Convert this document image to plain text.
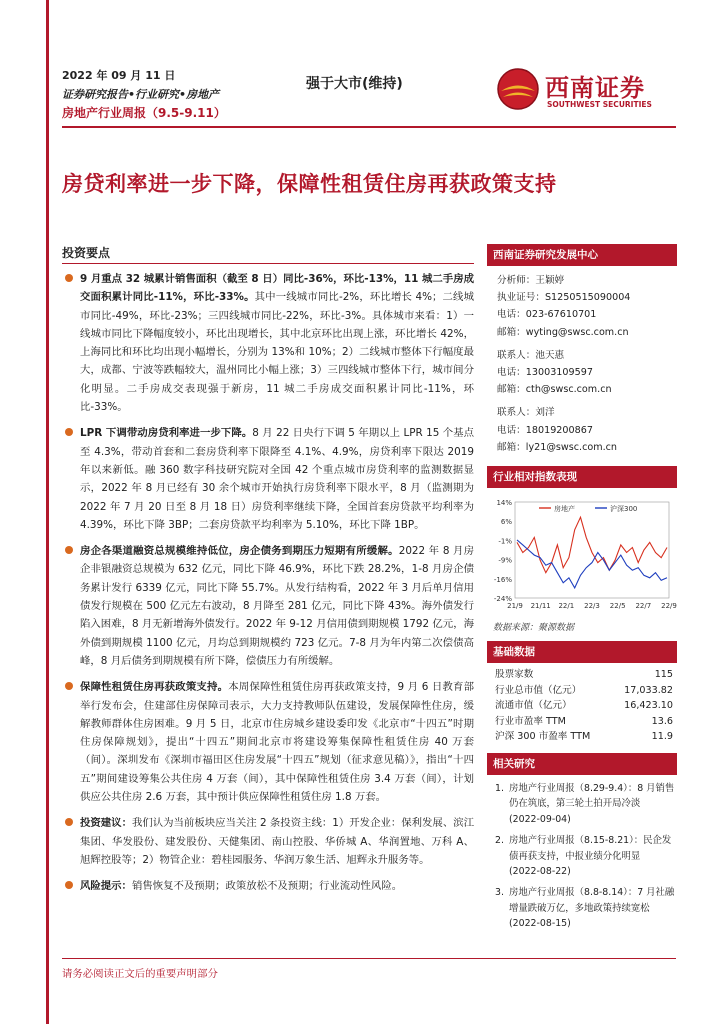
2022 年 09 月 11 日
证券研究报告•行业研究•房地产
房地产行业周报（9.5-9.11）
强于大市(维持)	西南证券
SOUTHWEST SECURITIES
房贷利率进一步下降，保障性租赁住房再获政策支持
投资要点
9 月重点 32 城累计销售面积（截至 8 日）同比-36%，环比-13%，11 城二手房成交面积累计同比-11%，环比-33%。其中一线城市同比-2%，环比增长 4%；二线城市同比-49%，环比-23%；三四线城市同比-22%，环比-3%。具体城市来看：1）一线城市同比下降幅度较小，环比出现增长，其中北京环比出现上涨，环比增长 42%，上海同比和环比均出现小幅增长，分别为 13%和 10%；2）二线城市整体下行幅度最大，成都、宁波等跌幅较大，温州同比小幅上涨；3）三四线城市整体下行，城市间分化明显。二手房成交表现强于新房，11 城二手房成交面积累计同比-11%，环比-33%。
LPR 下调带动房贷利率进一步下降。8 月 22 日央行下调 5 年期以上 LPR 15 个基点至 4.3%，带动首套和二套房贷利率下限降至 4.1%、4.9%，房贷利率下限达 2019 年以来新低。融 360 数字科技研究院对全国 42 个重点城市房贷利率的监测数据显示，2022 年 8 月已经有 30 余个城市开始执行房贷利率下限水平，8 月（监测期为 2022 年 7 月 20 日至 8 月 18 日）房贷利率继续下降，全国首套房贷款平均利率为 4.39%，环比下降 3BP；二套房贷款平均利率为 5.10%，环比下降 1BP。
房企各渠道融资总规模维持低位，房企债务到期压力短期有所缓解。2022 年 8 月房企非银融资总规模为 632 亿元，同比下降 46.9%，环比下跌 28.2%，1-8 月房企债务累计发行 6339 亿元，同比下降 55.7%。从发行结构看，2022 年 3 月后单月信用债发行规模在 500 亿元左右波动，8 月降至 281 亿元，同比下降 43%。海外债发行陷入困难，8 月无新增海外债发行。2022 年 9-12 月信用债到期规模 1792 亿元，海外债到期规模 1100 亿元，月均总到期规模约 723 亿元。7-8 月为年内第二次偿债高峰，8 月后债务到期规模有所下降，偿债压力有所缓解。
保障性租赁住房再获政策支持。本周保障性租赁住房再获政策支持，9 月 6 日教育部举行发布会，住建部住房保障司表示，大力支持教师队伍建设，发展保障性住房，缓解教师群体住房困难。9 月 5 日，北京市住房城乡建设委印发《北京市“十四五”时期住房保障规划》，提出“十四五”期间北京市将建设筹集保障性租赁住房 40 万套（间）。深圳发布《深圳市福田区住房发展“十四五”规划（征求意见稿）》，指出“十四五”期间建设筹集公共住房 4 万套（间），其中保障性租赁住房 3.4 万套（间），计划供应公共住房 2.6 万套，其中预计供应保障性租赁住房 1.8 万套。
投资建议：我们认为当前板块应当关注 2 条投资主线：1）开发企业：保利发展、滨江集团、华发股份、建发股份、天健集团、南山控股、华侨城 A、华润置地、万科 A、旭辉控股等；2）物管企业：碧桂园服务、华润万象生活、旭辉永升服务等。
风险提示：销售恢复不及预期；政策放松不及预期；行业流动性风险。
西南证券研究发展中心
分析师：王颖婷
执业证号：S1250515090004
电话：023-67610701
邮箱：wyting@swsc.com.cn
联系人：池天惠
电话：13003109597
邮箱：cth@swsc.com.cn
联系人：刘洋
电话：18019200867
邮箱：ly21@swsc.com.cn
行业相对指数表现
14%
6%
-1%
-9%
-16%
-24%
21/9 21/11 22/1 22/3 22/5 22/7 22/9
房地产	沪深300
数据来源：聚源数据
基础数据
股票家数	115
行业总市值（亿元）	17,033.82
流通市值（亿元）	16,423.10
行业市盈率 TTM	13.6
沪深 300 市盈率 TTM	11.9
相关研究
1. 房地产行业周报（8.29-9.4）：8 月销售仍在筑底，第三轮土拍开局冷淡
(2022-09-04)
2. 房地产行业周报（8.15-8.21）：民企发债再获支持，中报业绩分化明显
(2022-08-22)
3. 房地产行业周报（8.8-8.14）：7 月社融增量跌破万亿，多地政策持续宽松
(2022-08-15)
请务必阅读正文后的重要声明部分
